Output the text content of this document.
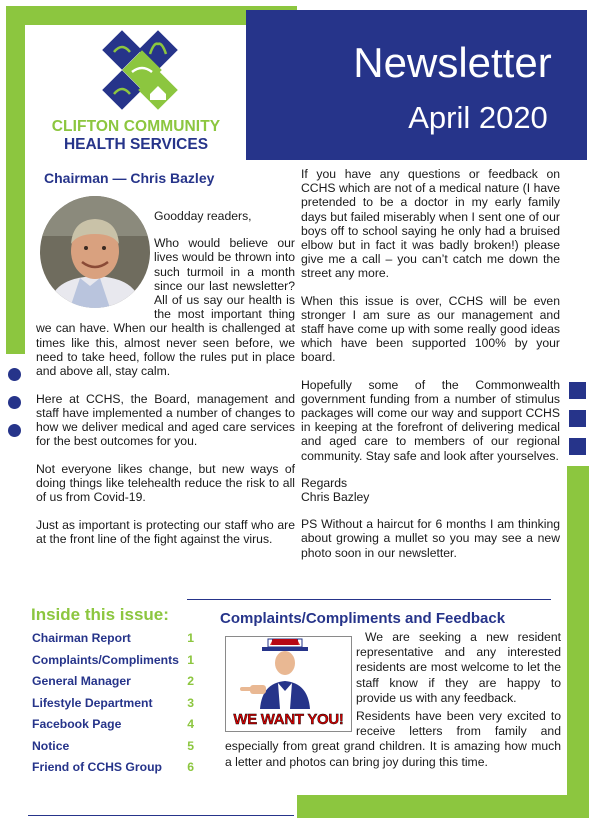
CLIFTON COMMUNITY
HEALTH SERVICES
Newsletter
April 2020
Chairman — Chris Bazley

Goodday readers,

Who would believe our lives would be thrown into such turmoil in a month since our last newsletter? All of us say our health is the most important thing we can have. When our health is challenged at times like this, almost never seen before, we need to take heed, follow the rules put in place and above all, stay calm.

Here at CCHS, the Board, management and staff have implemented a number of changes to how we deliver medical and aged care services for the best outcomes for you.

Not everyone likes change, but new ways of doing things like telehealth reduce the risk to all of us from Covid-19.

Just as important is protecting our staff who are at the front line of the fight against the virus.

If you have any questions or feedback on CCHS which are not of a medical nature (I have pretended to be a doctor in my early family days but failed miserably when I sent one of our boys off to school saying he only had a bruised elbow but in fact it was badly broken!) please give me a call – you can’t catch me down the street any more.

When this issue is over, CCHS will be even stronger I am sure as our management and staff have come up with some really good ideas which have been supported 100% by your board.

Hopefully some of the Commonwealth government funding from a number of stimulus packages will come our way and support CCHS in keeping at the forefront of delivering medical and aged care to members of our regional community. Stay safe and look after yourselves.

Regards
Chris Bazley

PS Without a haircut for 6 months I am thinking about growing a mullet so you may see a new photo soon in our newsletter.

Inside this issue:
Chairman Report	1
Complaints/Compliments 1
General Manager	2
Lifestyle Department	3
Facebook Page	4
Notice	5
Friend of CCHS Group 6
Complaints/Compliments and Feedback
WE WANT YOU!

We are seeking a new resident representative and any interested residents are most welcome to let the staff know if they are happy to provide us with any feedback.

Residents have been very excited to receive letters from family and especially from great grand children. It is amazing how much a letter and photos can bring joy during this time.
